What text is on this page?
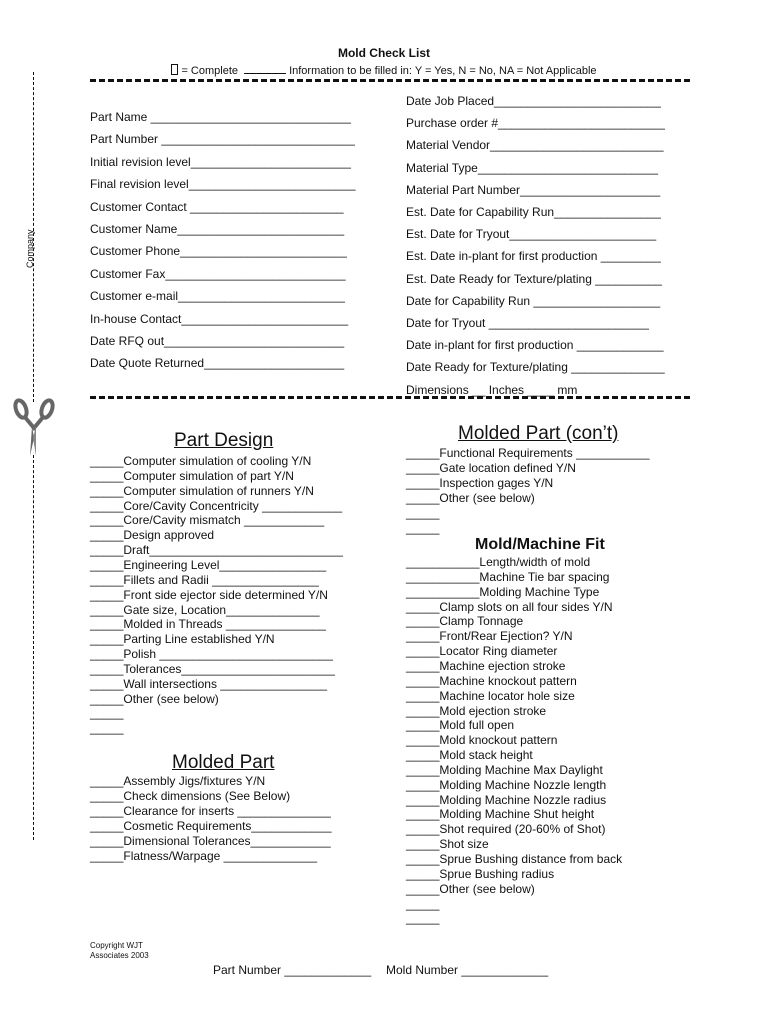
Mold Check List
= Complete	Information to be filled in: Y = Yes, N = No, NA = Not Applicable
Company
Part Name ______________________________
Part Number _____________________________
Initial revision level________________________
Final revision level_________________________
Customer Contact _______________________
Customer Name_________________________
Customer Phone_________________________
Customer Fax___________________________
Customer e-mail_________________________
In-house Contact_________________________
Date RFQ out___________________________
Date Quote Returned_____________________
Date Job Placed_________________________
Purchase order #_________________________
Material Vendor__________________________
Material Type___________________________
Material Part Number_____________________
Est. Date for Capability Run________________
Est. Date for Tryout______________________
Est. Date in-plant for first production _________
Est. Date Ready for Texture/plating __________
Date for Capability Run ___________________
Date for Tryout ________________________
Date in-plant for first production _____________
Date Ready for Texture/plating ______________
Dimensions __ Inches ____ mm
Part Design
Molded Part
Molded Part (con’t)
Mold/Machine Fit
_____Computer simulation of cooling Y/N
_____Computer simulation of part Y/N
_____Computer simulation of runners Y/N
_____Core/Cavity Concentricity ____________
_____Core/Cavity mismatch ____________
_____Design approved
_____Draft_____________________________
_____Engineering Level________________
_____Fillets and Radii ________________
_____Front side ejector side determined Y/N
_____Gate size, Location______________
_____Molded in Threads _______________
_____Parting Line established Y/N
_____Polish __________________________
_____Tolerances_______________________
_____Wall intersections ________________
_____Other (see below)
_____
_____
_____Assembly Jigs/fixtures Y/N
_____Check dimensions (See Below)
_____Clearance for inserts ______________
_____Cosmetic Requirements____________
_____Dimensional Tolerances____________
_____Flatness/Warpage ______________
_____Functional Requirements ___________
_____Gate location defined Y/N
_____Inspection gages Y/N
_____Other (see below)
_____
_____
___________Length/width of mold
___________Machine Tie bar spacing
___________Molding Machine Type
_____Clamp slots on all four sides Y/N
_____Clamp Tonnage
_____Front/Rear Ejection? Y/N
_____Locator Ring diameter
_____Machine ejection stroke
_____Machine knockout pattern
_____Machine locator hole size
_____Mold ejection stroke
_____Mold full open
_____Mold knockout pattern
_____Mold stack height
_____Molding Machine Max Daylight
_____Molding Machine Nozzle length
_____Molding Machine Nozzle radius
_____Molding Machine Shut height
_____Shot required (20-60% of Shot)
_____Shot size
_____Sprue Bushing distance from back
_____Sprue Bushing radius
_____Other (see below)
_____
_____
Copyright WJT
Associates 2003
Part Number _____________ Mold Number _____________
